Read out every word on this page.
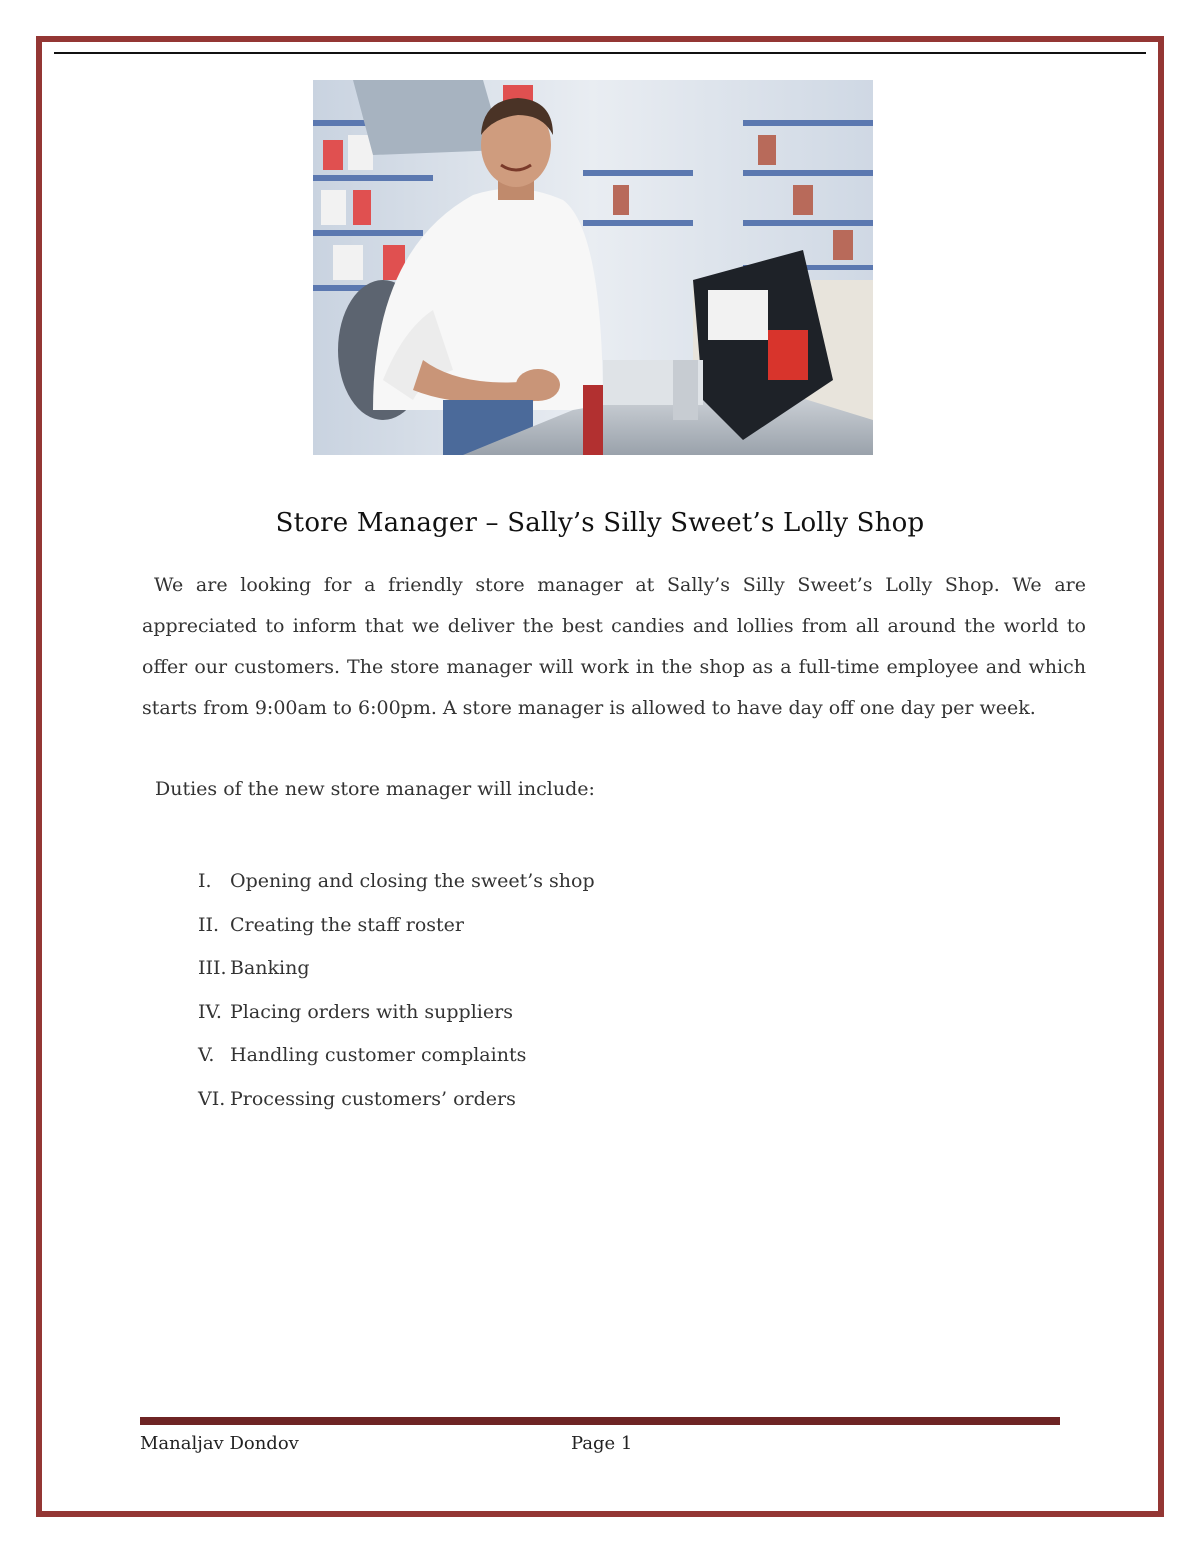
Store Manager – Sally’s Silly Sweet’s Lolly Shop
We are looking for a friendly store manager at Sally’s Silly Sweet’s Lolly Shop. We are appreciated to inform that we deliver the best candies and lollies from all around the world to offer our customers. The store manager will work in the shop as a full-time employee and which starts from 9:00am to 6:00pm. A store manager is allowed to have day off one day per week.
Duties of the new store manager will include:
I. Opening and closing the sweet’s shop
II. Creating the staff roster
III. Banking
IV. Placing orders with suppliers
V. Handling customer complaints
VI. Processing customers’ orders
Manaljav Dondov	Page 1
